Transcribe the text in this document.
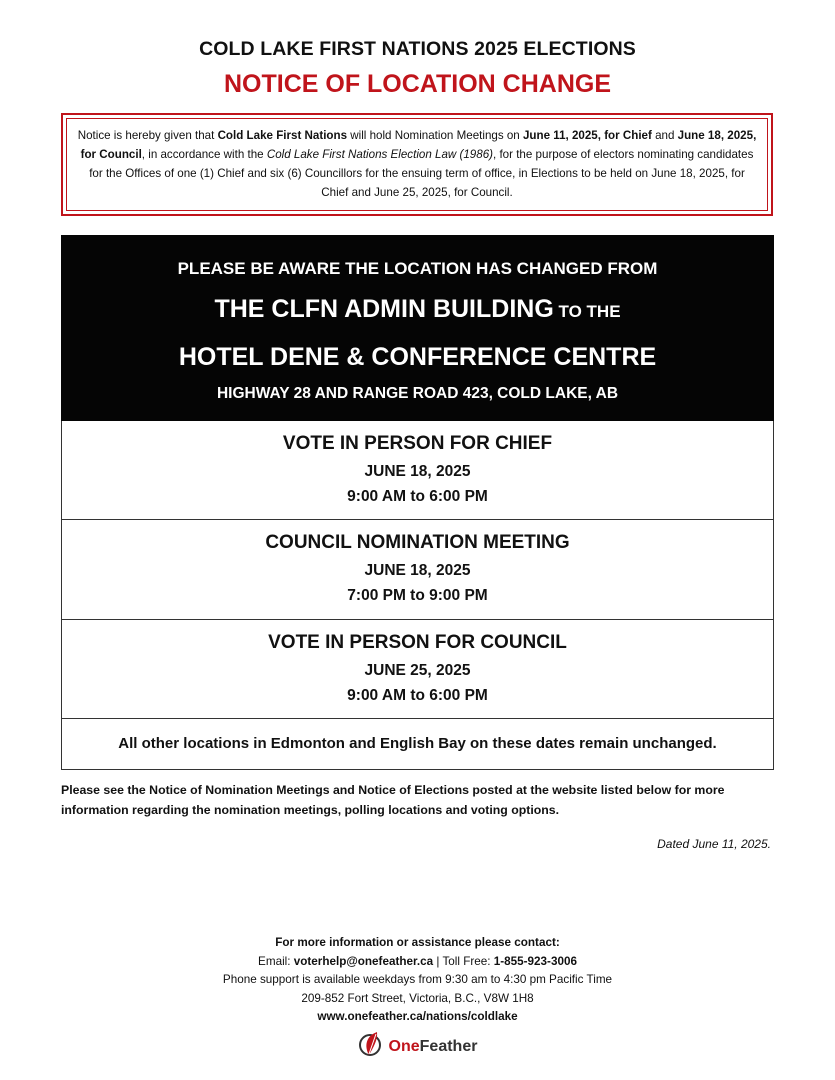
COLD LAKE FIRST NATIONS 2025 ELECTIONS
NOTICE OF LOCATION CHANGE
Notice is hereby given that Cold Lake First Nations will hold Nomination Meetings on June 11, 2025, for Chief and June 18, 2025, for Council, in accordance with the Cold Lake First Nations Election Law (1986), for the purpose of electors nominating candidates for the Offices of one (1) Chief and six (6) Councillors for the ensuing term of office, in Elections to be held on June 18, 2025, for Chief and June 25, 2025, for Council.
PLEASE BE AWARE THE LOCATION HAS CHANGED FROM
THE CLFN ADMIN BUILDING TO THE
HOTEL DENE & CONFERENCE CENTRE
HIGHWAY 28 AND RANGE ROAD 423, COLD LAKE, AB
VOTE IN PERSON FOR CHIEF
JUNE 18, 2025
9:00 AM to 6:00 PM
COUNCIL NOMINATION MEETING
JUNE 18, 2025
7:00 PM to 9:00 PM
VOTE IN PERSON FOR COUNCIL
JUNE 25, 2025
9:00 AM to 6:00 PM
All other locations in Edmonton and English Bay on these dates remain unchanged.
Please see the Notice of Nomination Meetings and Notice of Elections posted at the website listed below for more information regarding the nomination meetings, polling locations and voting options.
Dated June 11, 2025.
For more information or assistance please contact:
Email: voterhelp@onefeather.ca | Toll Free: 1-855-923-3006
Phone support is available weekdays from 9:30 am to 4:30 pm Pacific Time
209-852 Fort Street, Victoria, B.C., V8W 1H8
www.onefeather.ca/nations/coldlake
OneFeather
